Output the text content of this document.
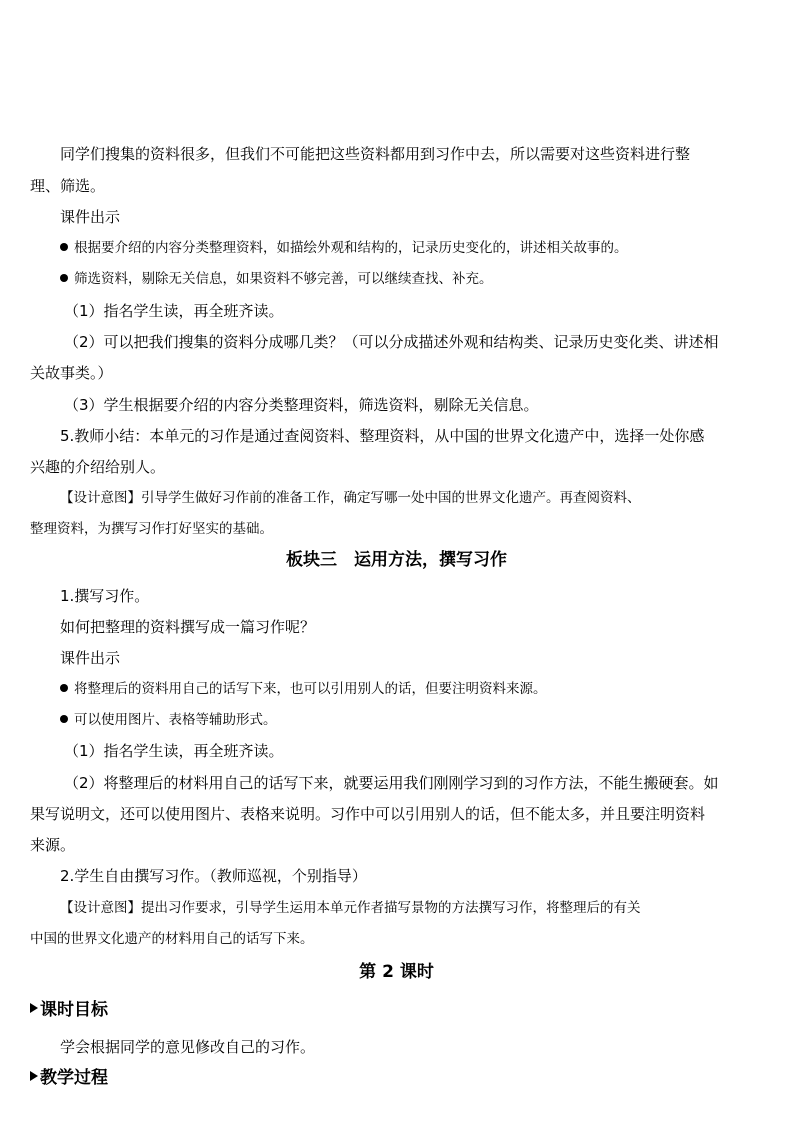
同学们搜集的资料很多，但我们不可能把这些资料都用到习作中去，所以需要对这些资料进行整
理、筛选。
课件出示
根据要介绍的内容分类整理资料，如描绘外观和结构的，记录历史变化的，讲述相关故事的。
筛选资料，剔除无关信息，如果资料不够完善，可以继续查找、补充。
（1）指名学生读，再全班齐读。
（2）可以把我们搜集的资料分成哪几类？（可以分成描述外观和结构类、记录历史变化类、讲述相
关故事类。）
（3）学生根据要介绍的内容分类整理资料，筛选资料，剔除无关信息。
5.教师小结：本单元的习作是通过查阅资料、整理资料，从中国的世界文化遗产中，选择一处你感
兴趣的介绍给别人。
【设计意图】引导学生做好习作前的准备工作，确定写哪一处中国的世界文化遗产。再查阅资料、
整理资料，为撰写习作打好坚实的基础。
板块三　运用方法，撰写习作
1.撰写习作。
如何把整理的资料撰写成一篇习作呢？
课件出示
将整理后的资料用自己的话写下来，也可以引用别人的话，但要注明资料来源。
可以使用图片、表格等辅助形式。
（1）指名学生读，再全班齐读。
（2）将整理后的材料用自己的话写下来，就要运用我们刚刚学习到的习作方法，不能生搬硬套。如
果写说明文，还可以使用图片、表格来说明。习作中可以引用别人的话，但不能太多，并且要注明资料
来源。
2.学生自由撰写习作。（教师巡视，个别指导）
【设计意图】提出习作要求，引导学生运用本单元作者描写景物的方法撰写习作，将整理后的有关
中国的世界文化遗产的材料用自己的话写下来。
第 2 课时
课时目标
学会根据同学的意见修改自己的习作。
教学过程
